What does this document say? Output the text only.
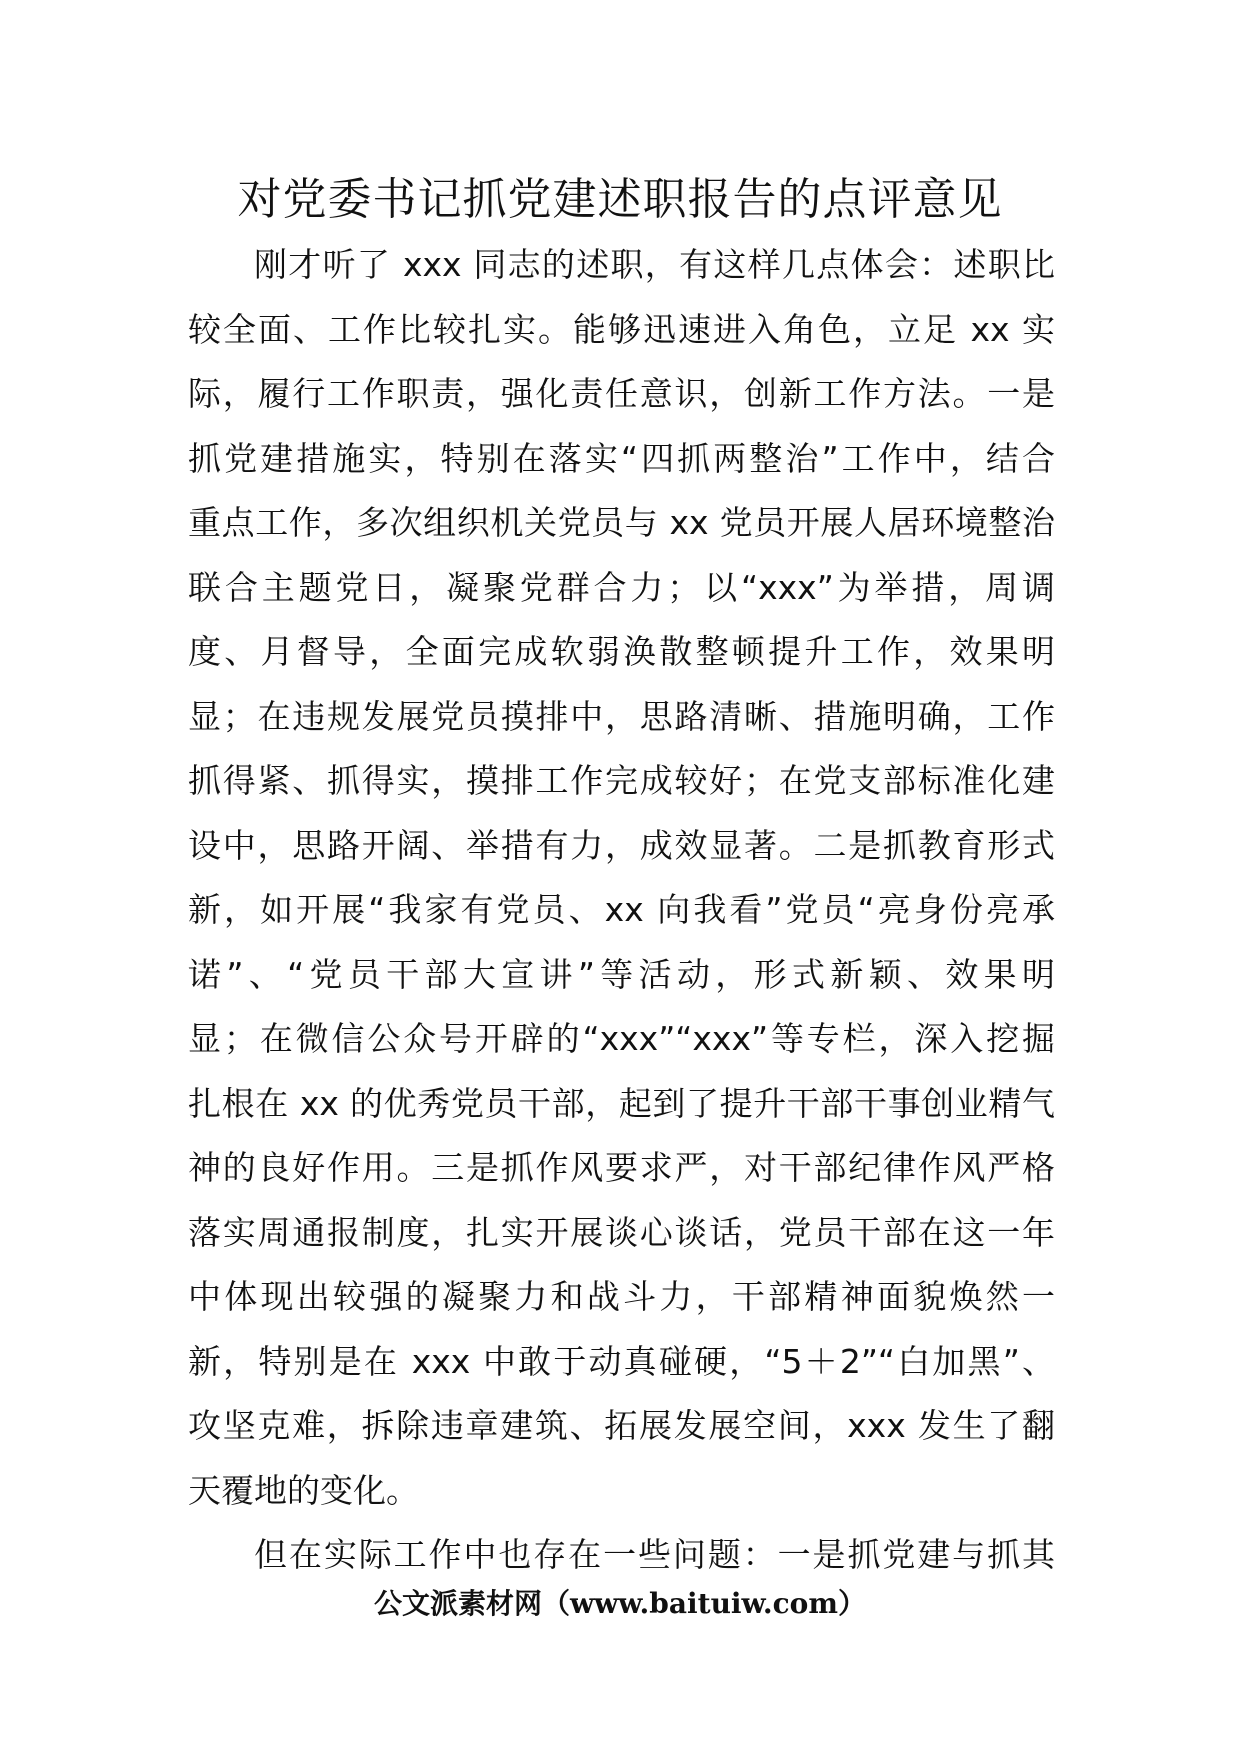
对党委书记抓党建述职报告的点评意见
刚才听了 xxx 同志的述职，有这样几点体会：述职比
较全面、工作比较扎实。能够迅速进入角色，立足 xx 实
际，履行工作职责，强化责任意识，创新工作方法。一是
抓党建措施实，特别在落实“四抓两整治”工作中，结合
重点工作，多次组织机关党员与 xx 党员开展人居环境整治
联合主题党日，凝聚党群合力；以“xxx”为举措，周调
度、月督导，全面完成软弱涣散整顿提升工作，效果明
显；在违规发展党员摸排中，思路清晰、措施明确，工作
抓得紧、抓得实，摸排工作完成较好；在党支部标准化建
设中，思路开阔、举措有力，成效显著。二是抓教育形式
新，如开展“我家有党员、xx 向我看”党员“亮身份亮承
诺”、“党员干部大宣讲”等活动，形式新颖、效果明
显；在微信公众号开辟的“xxx”“xxx”等专栏，深入挖掘
扎根在 xx 的优秀党员干部，起到了提升干部干事创业精气
神的良好作用。三是抓作风要求严，对干部纪律作风严格
落实周通报制度，扎实开展谈心谈话，党员干部在这一年
中体现出较强的凝聚力和战斗力，干部精神面貌焕然一
新，特别是在 xxx 中敢于动真碰硬，“5＋2”“白加黑”、
攻坚克难，拆除违章建筑、拓展发展空间，xxx 发生了翻
天覆地的变化。
但在实际工作中也存在一些问题：一是抓党建与抓其
公文派素材网（www.baituiw.com）
